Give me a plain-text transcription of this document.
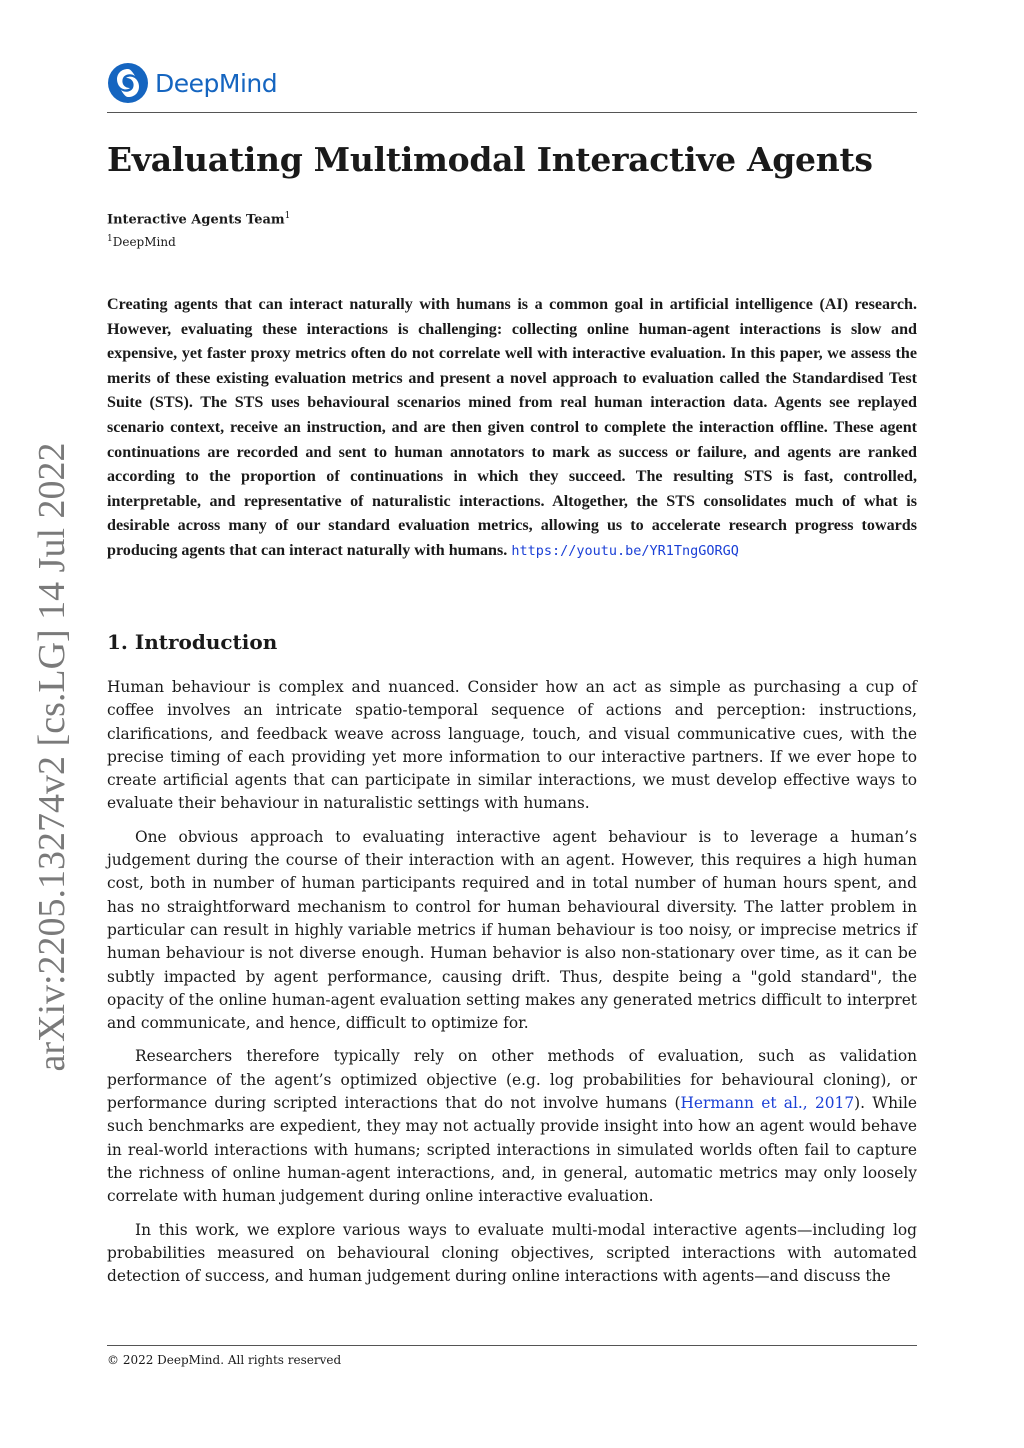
DeepMind
Evaluating Multimodal Interactive Agents
Interactive Agents Team$^1$
$^1$DeepMind

Creating agents that can interact naturally with humans is a common goal in artificial intelligence (AI) research. However, evaluating these interactions is challenging: collecting online human-agent interactions is slow and expensive, yet faster proxy metrics often do not correlate well with interactive evaluation. In this paper, we assess the merits of these existing evaluation metrics and present a novel approach to evaluation called the Standardised Test Suite (STS). The STS uses behavioural scenarios mined from real human interaction data. Agents see replayed scenario context, receive an instruction, and are then given control to complete the interaction offline. These agent continuations are recorded and sent to human annotators to mark as success or failure, and agents are ranked according to the proportion of continuations in which they succeed. The resulting STS is fast, controlled, interpretable, and representative of naturalistic interactions. Altogether, the STS consolidates much of what is desirable across many of our standard evaluation metrics, allowing us to accelerate research progress towards producing agents that can interact naturally with humans. https://youtu.be/YR1TngGORGQ

1. Introduction

Human behaviour is complex and nuanced. Consider how an act as simple as purchasing a cup of coffee involves an intricate spatio-temporal sequence of actions and perception: instructions, clarifications, and feedback weave across language, touch, and visual communicative cues, with the precise timing of each providing yet more information to our interactive partners. If we ever hope to create artificial agents that can participate in similar interactions, we must develop effective ways to evaluate their behaviour in naturalistic settings with humans.

One obvious approach to evaluating interactive agent behaviour is to leverage a human’s judgement during the course of their interaction with an agent. However, this requires a high human cost, both in number of human participants required and in total number of human hours spent, and has no straightforward mechanism to control for human behavioural diversity. The latter problem in particular can result in highly variable metrics if human behaviour is too noisy, or imprecise metrics if human behaviour is not diverse enough. Human behavior is also non-stationary over time, as it can be subtly impacted by agent performance, causing drift. Thus, despite being a "gold standard", the opacity of the online human-agent evaluation setting makes any generated metrics difficult to interpret and communicate, and hence, difficult to optimize for.

Researchers therefore typically rely on other methods of evaluation, such as validation performance of the agent’s optimized objective (e.g. log probabilities for behavioural cloning), or performance during scripted interactions that do not involve humans (Hermann et al., 2017). While such benchmarks are expedient, they may not actually provide insight into how an agent would behave in real-world interactions with humans; scripted interactions in simulated worlds often fail to capture the richness of online human-agent interactions, and, in general, automatic metrics may only loosely correlate with human judgement during online interactive evaluation.

In this work, we explore various ways to evaluate multi-modal interactive agents—including log probabilities measured on behavioural cloning objectives, scripted interactions with automated detection of success, and human judgement during online interactions with agents—and discuss the

arXiv:2205.13274v2 [cs.LG] 14 Jul 2022
© 2022 DeepMind. All rights reserved
